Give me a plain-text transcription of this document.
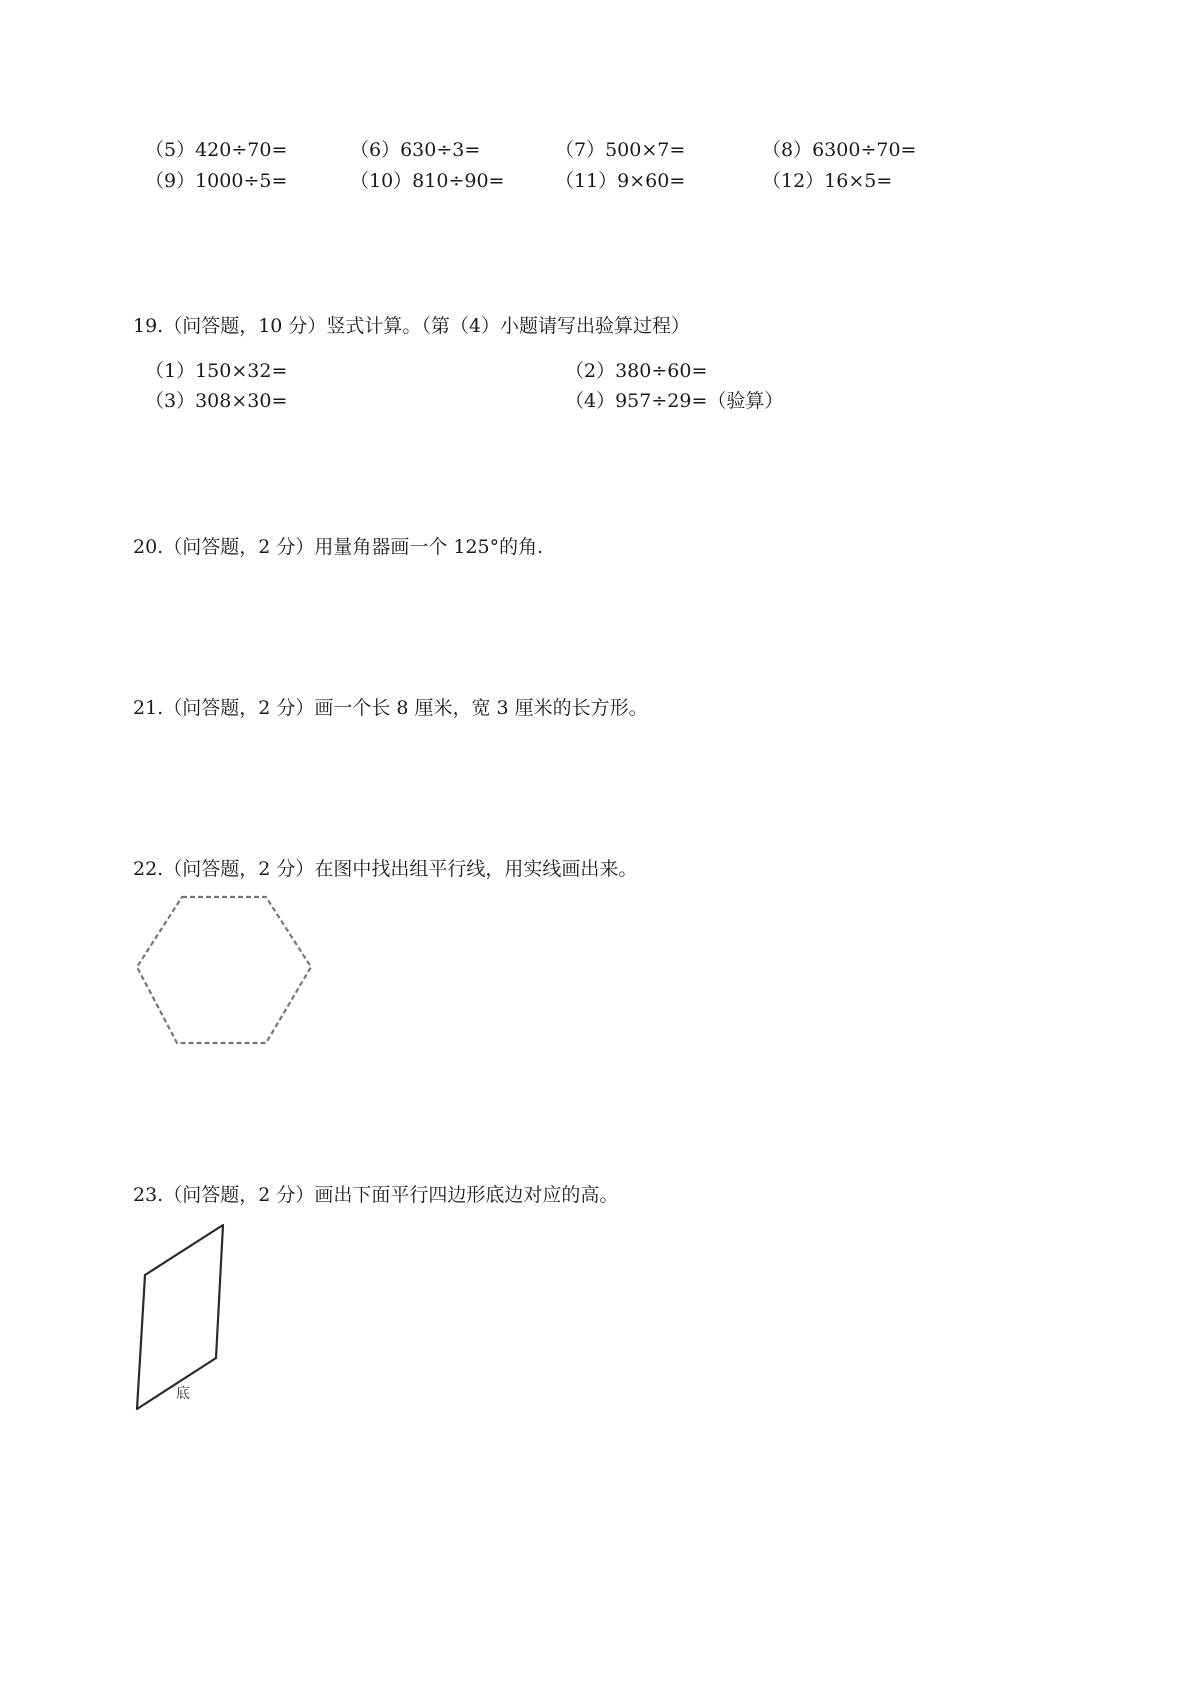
（5）420÷70=	（6）630÷3=	（7）500×7=	（8）6300÷70=
（9）1000÷5=	（10）810÷90=	（11）9×60=	（12）16×5=
19.（问答题，10 分）竖式计算。（第（4）小题请写出验算过程）
（1）150×32=	（2）380÷60=
（3）308×30=	（4）957÷29=（验算）
20.（问答题，2 分）用量角器画一个 125°的角.
21.（问答题，2 分）画一个长 8 厘米，宽 3 厘米的长方形。
22.（问答题，2 分）在图中找出组平行线，用实线画出来。
23.（问答题，2 分）画出下面平行四边形底边对应的高。
底
